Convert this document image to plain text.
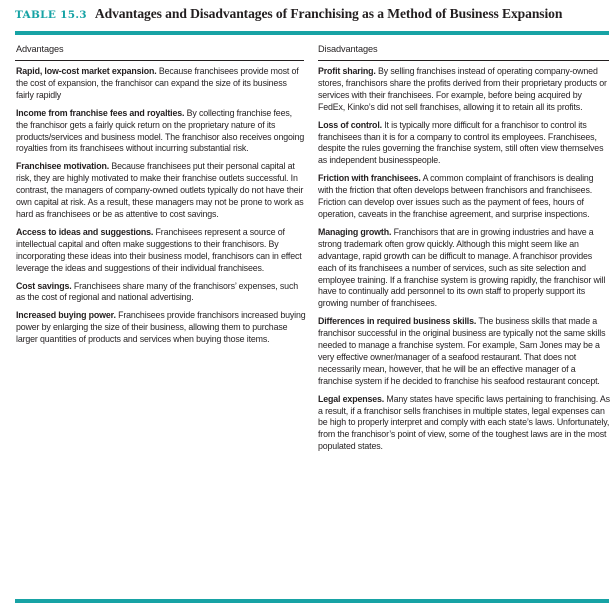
TABLE 15.3 Advantages and Disadvantages of Franchising as a Method of Business Expansion
Advantages	Disadvantages

Rapid, low-cost market expansion. Because franchisees provide most of the cost of expansion, the franchisor can expand the size of its business fairly rapidly

Income from franchise fees and royalties. By collecting franchise fees, the franchisor gets a fairly quick return on the proprietary nature of its products/services and business model. The franchisor also receives ongoing royalties from its franchisees without incurring substantial risk.

Franchisee motivation. Because franchisees put their personal capital at risk, they are highly motivated to make their franchise outlets successful. In contrast, the managers of company-owned outlets typically do not have their own capital at risk. As a result, these managers may not be prone to work as hard as franchisees or be as attentive to cost savings.

Access to ideas and suggestions. Franchisees represent a source of intellectual capital and often make suggestions to their franchisors. By incorporating these ideas into their business model, franchisors can in effect leverage the ideas and suggestions of their individual franchisees.

Cost savings. Franchisees share many of the franchisors’ expenses, such as the cost of regional and national advertising.

Increased buying power. Franchisees provide franchisors increased buying power by enlarging the size of their business, allowing them to purchase larger quantities of products and services when buying those items.

Profit sharing. By selling franchises instead of operating company-owned stores, franchisors share the profits derived from their proprietary products or services with their franchisees. For example, before being acquired by FedEx, Kinko’s did not sell franchises, allowing it to retain all its profits.

Loss of control. It is typically more difficult for a franchisor to control its franchisees than it is for a company to control its employees. Franchisees, despite the rules governing the franchise system, still often view themselves as independent businesspeople.

Friction with franchisees. A common complaint of franchisors is dealing with the friction that often develops between franchisors and franchisees. Friction can develop over issues such as the payment of fees, hours of operation, caveats in the franchise agreement, and surprise inspections.

Managing growth. Franchisors that are in growing industries and have a strong trademark often grow quickly. Although this might seem like an advantage, rapid growth can be difficult to manage. A franchisor provides each of its franchisees a number of services, such as site selection and employee training. If a franchise system is growing rapidly, the franchisor will have to continually add personnel to its own staff to properly support its growing number of franchisees.

Differences in required business skills. The business skills that made a franchisor successful in the original business are typically not the same skills needed to manage a franchise system. For example, Sam Jones may be a very effective owner/manager of a seafood restaurant. That does not necessarily mean, however, that he will be an effective manager of a franchise system if he decided to franchise his seafood restaurant concept.

Legal expenses. Many states have specific laws pertaining to franchising. As a result, if a franchisor sells franchises in multiple states, legal expenses can be high to properly interpret and comply with each state’s laws. Unfortunately, from the franchisor’s point of view, some of the toughest laws are in the most populated states.
